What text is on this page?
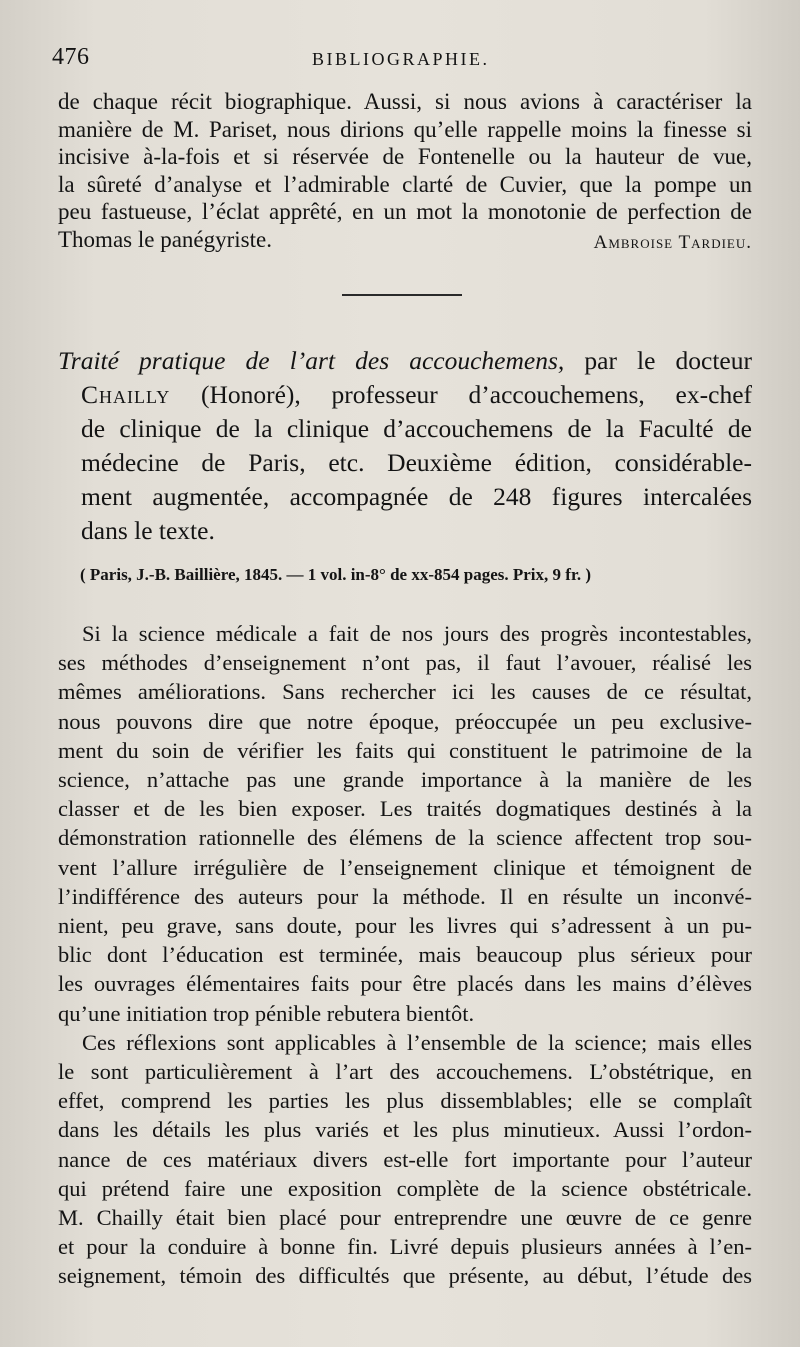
476	BIBLIOGRAPHIE.
de chaque récit biographique. Aussi, si nous avions à caractériser la
manière de M. Pariset, nous dirions qu’elle rappelle moins la finesse si
incisive à-la-fois et si réservée de Fontenelle ou la hauteur de vue,
la sûreté d’analyse et l’admirable clarté de Cuvier, que la pompe un
peu fastueuse, l’éclat apprêté, en un mot la monotonie de perfection de
Thomas le panégyriste.	Ambroise Tardieu.
Traité pratique de l’art des accouchemens, par le docteur
Chailly (Honoré), professeur d’accouchemens, ex-chef
de clinique de la clinique d’accouchemens de la Faculté de
médecine de Paris, etc. Deuxième édition, considérable-
ment augmentée, accompagnée de 248 figures intercalées
dans le texte.
( Paris, J.-B. Baillière, 1845. — 1 vol. in-8° de xx-854 pages. Prix, 9 fr. )
Si la science médicale a fait de nos jours des progrès incontestables,
ses méthodes d’enseignement n’ont pas, il faut l’avouer, réalisé les
mêmes améliorations. Sans rechercher ici les causes de ce résultat,
nous pouvons dire que notre époque, préoccupée un peu exclusive-
ment du soin de vérifier les faits qui constituent le patrimoine de la
science, n’attache pas une grande importance à la manière de les
classer et de les bien exposer. Les traités dogmatiques destinés à la
démonstration rationnelle des élémens de la science affectent trop sou-
vent l’allure irrégulière de l’enseignement clinique et témoignent de
l’indifférence des auteurs pour la méthode. Il en résulte un inconvé-
nient, peu grave, sans doute, pour les livres qui s’adressent à un pu-
blic dont l’éducation est terminée, mais beaucoup plus sérieux pour
les ouvrages élémentaires faits pour être placés dans les mains d’élèves
qu’une initiation trop pénible rebutera bientôt.
Ces réflexions sont applicables à l’ensemble de la science; mais elles
le sont particulièrement à l’art des accouchemens. L’obstétrique, en
effet, comprend les parties les plus dissemblables; elle se complaît
dans les détails les plus variés et les plus minutieux. Aussi l’ordon-
nance de ces matériaux divers est-elle fort importante pour l’auteur
qui prétend faire une exposition complète de la science obstétricale.
M. Chailly était bien placé pour entreprendre une œuvre de ce genre
et pour la conduire à bonne fin. Livré depuis plusieurs années à l’en-
seignement, témoin des difficultés que présente, au début, l’étude des
